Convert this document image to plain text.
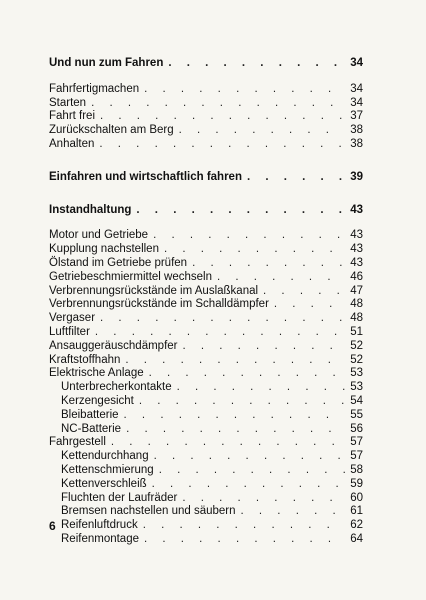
Und nun zum Fahren . . .	34
Fahrfertigmachen . . .	34
Starten . . .	34
Fahrt frei . . .	37
Zurückschalten am Berg . . .	38
Anhalten . . .	38
Einfahren und wirtschaftlich fahren . . .	39
Instandhaltung . . .	43
Motor und Getriebe . . .	43
Kupplung nachstellen . . .	43
Ölstand im Getriebe prüfen . . .	43
Getriebeschmiermittel wechseln . . .	46
Verbrennungsrückstände im Auslaßkanal . . .	47
Verbrennungsrückstände im Schalldämpfer . . .	48
Vergaser . . .	48
Luftfilter . . .	51
Ansauggeräuschdämpfer . . .	52
Kraftstoffhahn . . .	52
Elektrische Anlage . . .	53
Unterbrecherkontakte . . .	53
Kerzengesicht . . .	54
Bleibatterie . . .	55
NC-Batterie . . .	56
Fahrgestell . . .	57
Kettendurchhang . . .	57
Kettenschmierung . . .	58
Kettenverschleiß . . .	59
Fluchten der Laufräder . . .	60
Bremsen nachstellen und säubern . . .	61
Reifenluftdruck . . .	62
Reifenmontage . . .	64
6
